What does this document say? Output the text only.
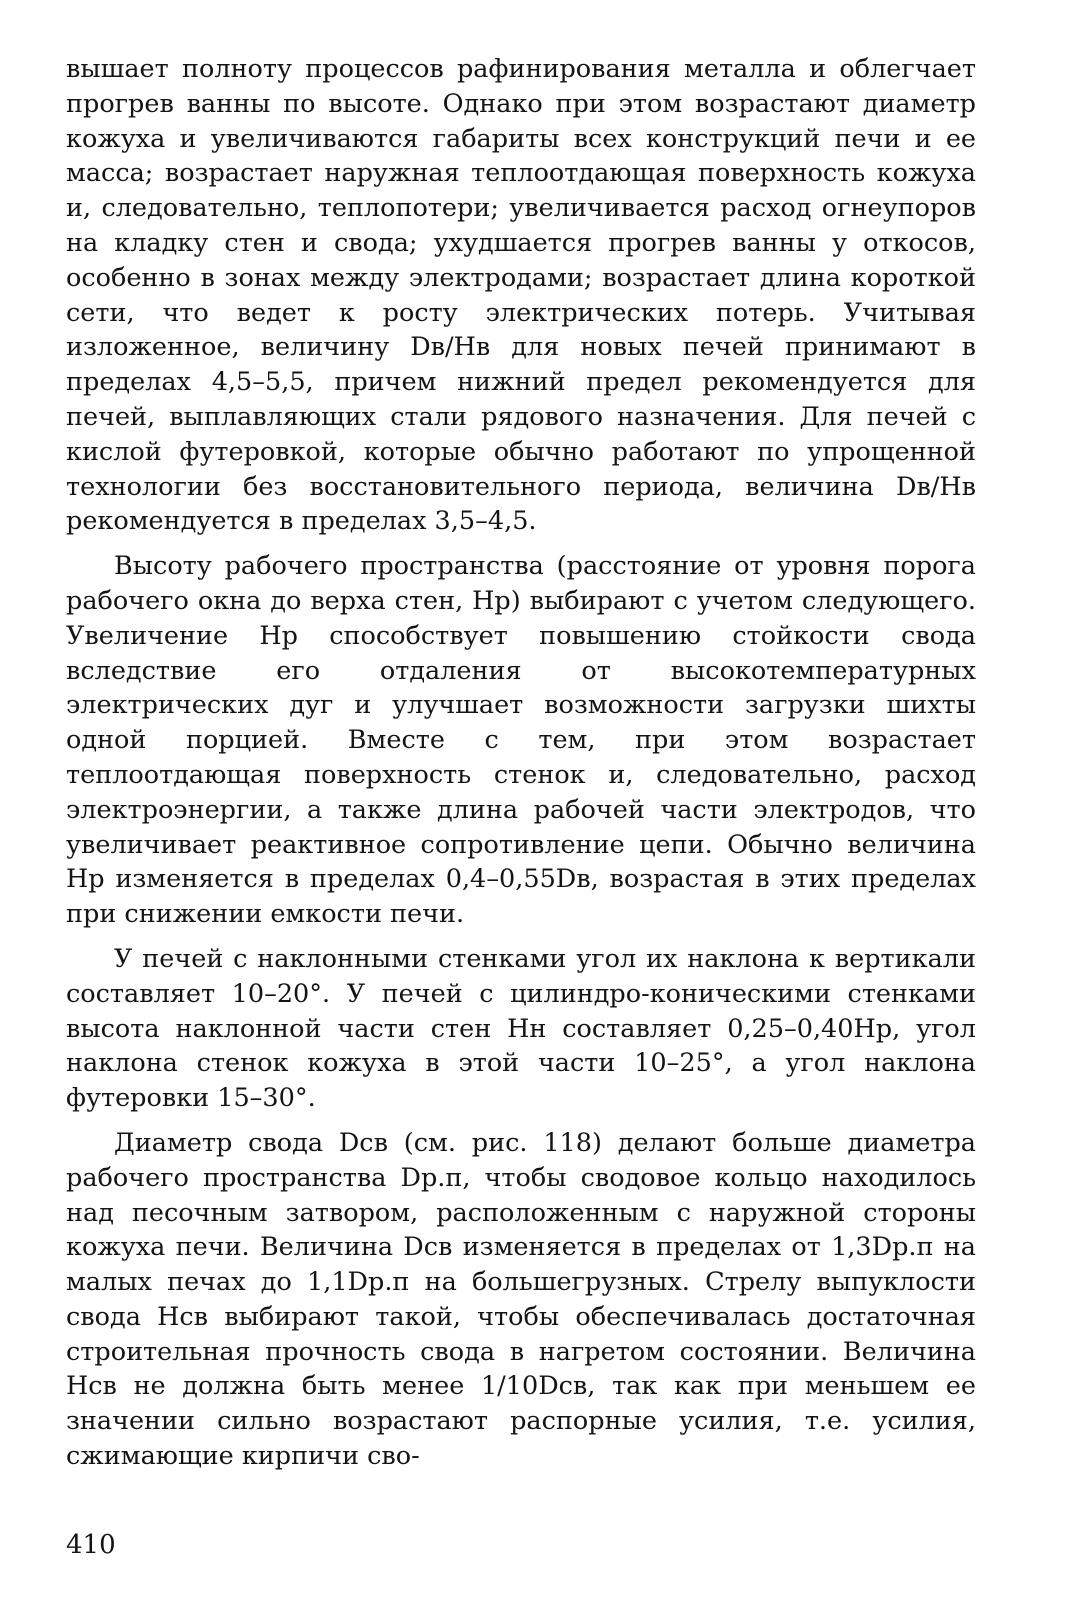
вышает полноту процессов рафинирования металла и облегчает прогрев ванны по высоте. Однако при этом возрастают диаметр кожуха и увеличиваются габариты всех конструкций печи и ее масса; возрастает наружная теплоотдающая поверхность кожуха и, следовательно, теплопотери; увеличивается расход огнеупоров на кладку стен и свода; ухудшается прогрев ванны у откосов, особенно в зонах между электродами; возрастает длина короткой сети, что ведет к росту электрических потерь. Учитывая изложенное, величину Dв/Hв для новых печей принимают в пределах 4,5–5,5, причем нижний предел рекомендуется для печей, выплавляющих стали рядового назначения. Для печей с кислой футеровкой, которые обычно работают по упрощенной технологии без восстановительного периода, величина Dв/Hв рекомендуется в пределах 3,5–4,5.

Высоту рабочего пространства (расстояние от уровня порога рабочего окна до верха стен, Hр) выбирают с учетом следующего. Увеличение Hр способствует повышению стойкости свода вследствие его отдаления от высокотемпературных электрических дуг и улучшает возможности загрузки шихты одной порцией. Вместе с тем, при этом возрастает теплоотдающая поверхность стенок и, следовательно, расход электроэнергии, а также длина рабочей части электродов, что увеличивает реактивное сопротивление цепи. Обычно величина Hр изменяется в пределах 0,4–0,55Dв, возрастая в этих пределах при снижении емкости печи.

У печей с наклонными стенками угол их наклона к вертикали составляет 10–20°. У печей с цилиндро-коническими стенками высота наклонной части стен Hн составляет 0,25–0,40Hр, угол наклона стенок кожуха в этой части 10–25°, а угол наклона футеровки 15–30°.

Диаметр свода Dсв (см. рис. 118) делают больше диаметра рабочего пространства Dр.п, чтобы сводовое кольцо находилось над песочным затвором, расположенным с наружной стороны кожуха печи. Величина Dсв изменяется в пределах от 1,3Dр.п на малых печах до 1,1Dр.п на большегрузных. Стрелу выпуклости свода Hсв выбирают такой, чтобы обеспечивалась достаточная строительная прочность свода в нагретом состоянии. Величина Hсв не должна быть менее 1/10Dсв, так как при меньшем ее значении сильно возрастают распорные усилия, т.е. усилия, сжимающие кирпичи сво-

410
